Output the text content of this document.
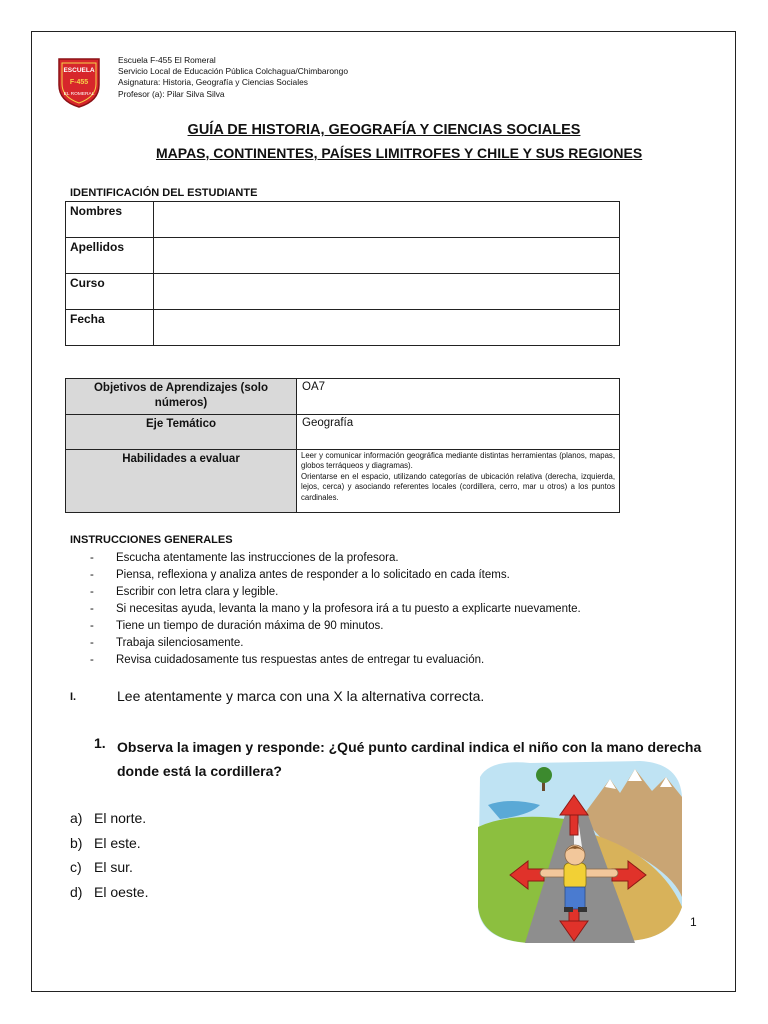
ESCUELA
F-455
EL ROMERAL
Escuela F-455 El Romeral
Servicio Local de Educación Pública Colchagua/Chimbarongo
Asignatura: Historia, Geografía y Ciencias Sociales
Profesor (a): Pilar Silva Silva
GUÍA DE HISTORIA, GEOGRAFÍA Y CIENCIAS SOCIALES
MAPAS, CONTINENTES, PAÍSES LIMITROFES Y CHILE Y SUS REGIONES
IDENTIFICACIÓN DEL ESTUDIANTE
Nombres	
Apellidos	
Curso	
Fecha	
Objetivos de Aprendizajes (solo números)	OA7
Eje Temático	Geografía
Habilidades a evaluar	Leer y comunicar información geográfica mediante distintas herramientas (planos, mapas, globos terráqueos y diagramas).
Orientarse en el espacio, utilizando categorías de ubicación relativa (derecha, izquierda, lejos, cerca) y asociando referentes locales (cordillera, cerro, mar u otros) a los puntos cardinales.
INSTRUCCIONES GENERALES
- Escucha atentamente las instrucciones de la profesora.
- Piensa, reflexiona y analiza antes de responder a lo solicitado en cada ítems.
- Escribir con letra clara y legible.
- Si necesitas ayuda, levanta la mano y la profesora irá a tu puesto a explicarte nuevamente.
- Tiene un tiempo de duración máxima de 90 minutos.
- Trabaja silenciosamente.
- Revisa cuidadosamente tus respuestas antes de entregar tu evaluación.
I.	Lee atentamente y marca con una X la alternativa correcta.
1. Observa la imagen y responde: ¿Qué punto cardinal indica el niño con la mano derecha donde está la cordillera?
a) El norte.
b) El este.
c) El sur.
d) El oeste.
1
